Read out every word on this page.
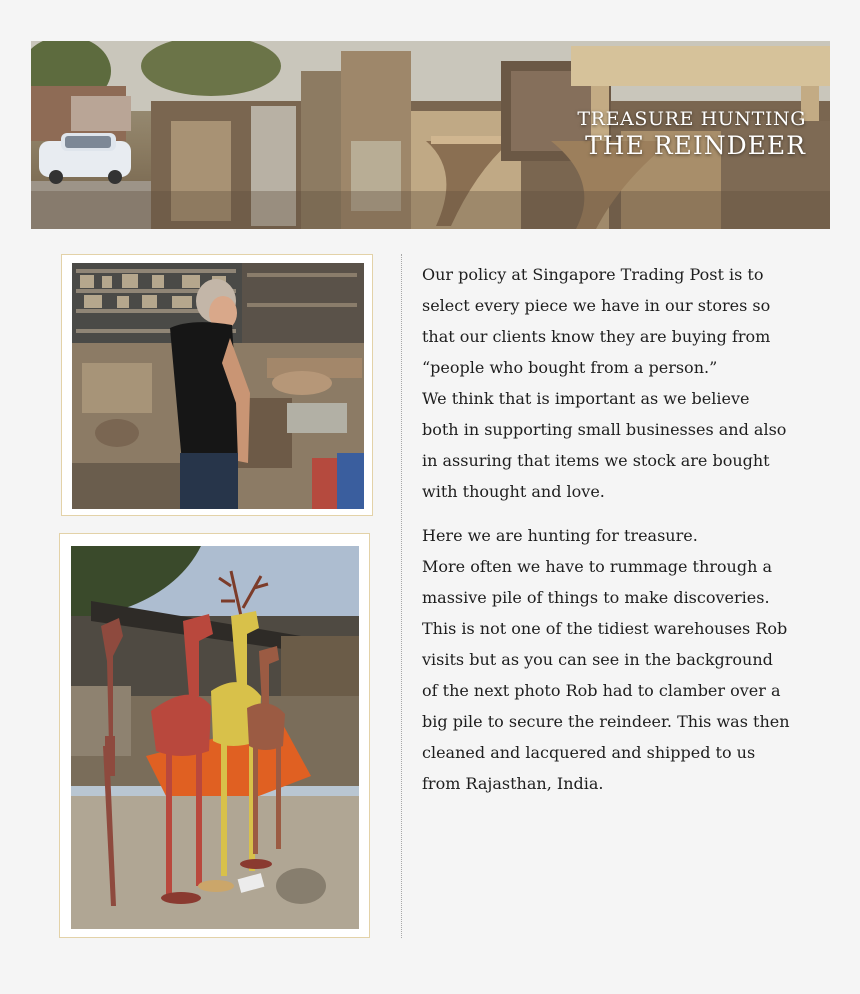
TREASURE HUNTING
THE REINDEER

Our policy at Singapore Trading Post is to
select every piece we have in our stores so
that our clients know they are buying from
“people who bought from a person.”
We think that is important as we believe
both in supporting small businesses and also
in assuring that items we stock are bought
with thought and love.

Here we are hunting for treasure.
More often we have to rummage through a
massive pile of things to make discoveries.
This is not one of the tidiest warehouses Rob
visits but as you can see in the background
of the next photo Rob had to clamber over a
big pile to secure the reindeer. This was then
cleaned and lacquered and shipped to us
from Rajasthan, India.
